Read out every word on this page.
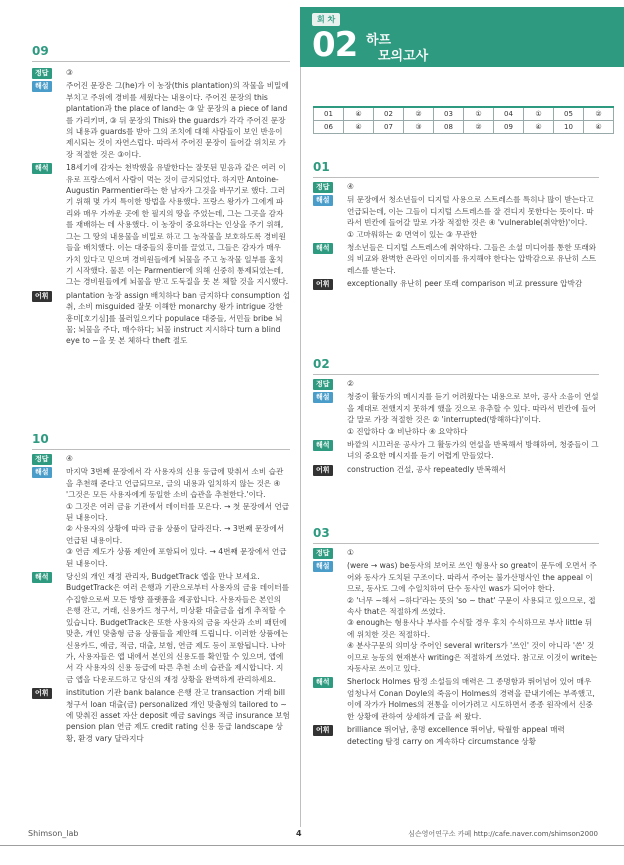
회 차
02 하프
모의고사
01	④	02	②	03	①	04	①	05	②
06	④	07	③	08	②	09	④	10	④
09
정답	③
해설	주어진 문장은 그(he)가 이 농장(this plantation)의 작물을 비밀에 부치고 주위에 경비를 세웠다는 내용이다. 주어진 문장의 this plantation과 the place of land는 ③ 앞 문장의 a piece of land를 가리키며, ③ 뒤 문장의 This와 the guards가 각각 주어진 문장의 내용과 guards를 받아 그의 조치에 대해 사람들이 보인 반응이 제시되는 것이 자연스럽다. 따라서 주어진 문장이 들어갈 위치로 가장 적절한 것은 ③이다.
해석	18세기에 감자는 천박했을 유발한다는 잘못된 믿음과 같은 여러 이유로 프랑스에서 사람이 먹는 것이 금지되었다. 하지만 Antoine-Augustin Parmentier라는 한 남자가 그것을 바꾸기로 했다. 그러기 위해 몇 가지 특이한 방법을 사용했다. 프랑스 왕가가 그에게 파리와 매우 가까운 곳에 한 필지의 땅을 주었는데, 그는 그곳을 감자를 재배하는 데 사용했다. 이 농장이 중요하다는 인상을 주기 위해, 그는 그 땅의 내용물을 비밀로 하고 그 농작물을 보호하도록 경비원들을 배치했다. 이는 대중들의 흥미를 끌었고, 그들은 감자가 매우 가치 있다고 믿으며 경비원들에게 뇌물을 주고 농작물 일부를 훔치기 시작했다. 물론 이는 Parmentier에 의해 신중히 통제되었는데, 그는 경비원들에게 뇌물을 받고 도둑질을 못 본 체할 것을 지시했다.
어휘	plantation 농장 assign 배치하다 ban 금지하다 consumption 섭취, 소비 misguided 잘못 이해한 monarchy 왕가 intrigue 강한 흥미[호기심]를 불러일으키다 populace 대중들, 서민들 bribe 뇌물; 뇌물을 주다, 매수하다; 뇌물 instruct 지시하다 turn a blind eye to ~을 못 본 체하다 theft 절도
10
정답	④
해설	마지막 3번째 문장에서 각 사용자의 신용 등급에 맞춰서 소비 습관을 추천해 준다고 언급되므로, 글의 내용과 일치하지 않는 것은 ④ '그것은 모든 사용자에게 동일한 소비 습관을 추천한다.'이다.
① 그것은 여러 금융 기관에서 데이터를 모은다. → 첫 문장에서 언급된 내용이다.
② 사용자의 상황에 따라 금융 상품이 달라진다. → 3번째 문장에서 언급된 내용이다.
③ 연금 제도가 상품 제안에 포함되어 있다. → 4번째 문장에서 언급된 내용이다.
해석	당신의 개인 재정 관리자, BudgetTrack 앱을 만나 보세요.
BudgetTrack은 여러 은행과 기관으로부터 사용자의 금융 데이터를 수집함으로써 모든 방향 플랫폼을 제공합니다. 사용자들은 본인의 은행 잔고, 거래, 신용카드 청구서, 미상환 대출금을 쉽게 추적할 수 있습니다. BudgetTrack은 또한 사용자의 금융 자산과 소비 패턴에 맞춘, 개인 맞춤형 금융 상품들을 제안해 드립니다. 이러한 상품에는 신용카드, 예금, 적금, 대출, 보험, 연금 제도 등이 포함됩니다. 나아가, 사용자들은 앱 내에서 본인의 신용도를 확인할 수 있으며, 앱에서 각 사용자의 신용 등급에 따른 추천 소비 습관을 제시합니다. 지금 앱을 다운로드하고 당신의 재정 상황을 완벽하게 관리하세요.
어휘	institution 기관 bank balance 은행 잔고 transaction 거래 bill 청구서 loan 대출(금) personalized 개인 맞춤형의 tailored to ~에 맞춰진 asset 자산 deposit 예금 savings 적금 insurance 보험 pension plan 연금 제도 credit rating 신용 등급 landscape 상황, 환경 vary 달라지다
01
정답	④
해설	뒤 문장에서 청소년들이 디지털 사용으로 스트레스를 특히나 많이 받는다고 언급되는데, 이는 그들이 디지털 스트레스를 잘 견디지 못한다는 뜻이다. 따라서 빈칸에 들어갈 말로 가장 적절한 것은 ④ 'vulnerable(취약한)'이다.
① 고마워하는 ② 면역이 있는 ③ 무관한
해석	청소년들은 디지털 스트레스에 취약하다. 그들은 소셜 미디어를 통한 또래와의 비교와 완벽한 온라인 이미지를 유지해야 한다는 압박감으로 유난히 스트레스를 받는다.
어휘	exceptionally 유난히 peer 또래 comparison 비교 pressure 압박감
02
정답	②
해설	청중이 활동가의 메시지를 듣기 어려웠다는 내용으로 보아, 공사 소음이 연설을 제대로 전했지지 못하게 했을 것으로 유추할 수 있다. 따라서 빈칸에 들어갈 말로 가장 적절한 것은 ② 'interrupted(방해하다)'이다.
① 진압하다 ③ 비난하다 ④ 요약하다
해석	바깥의 시끄러운 공사가 그 활동가의 연설을 반복해서 방해하여, 청중들이 그녀의 중요한 메시지를 듣기 어렵게 만들었다.
어휘	construction 건설, 공사 repeatedly 반복해서
03
정답	①
해설	(were → was) be동사의 보어로 쓰인 형용사 so great이 문두에 오면서 주어와 동사가 도치된 구조이다. 따라서 주어는 불가산명사인 the appeal 이므로, 동사도 그에 수일치하여 단수 동사인 was가 되어야 한다.
② '너무 ~해서 ~하다'라는 뜻의 'so ~ that' 구문이 사용되고 있으므로, 접속사 that은 적절하게 쓰였다.
③ enough는 형용사나 부사를 수식할 경우 후치 수식하므로 부사 little 뒤에 위치한 것은 적절하다.
④ 분사구문의 의미상 주어인 several writers가 '쓰인' 것이 아니라 '쓴' 것이므로 능동의 현재분사 writing은 적절하게 쓰였다. 참고로 이것이 write는 자동사로 쓰이고 있다.
해석	Sherlock Holmes 탐정 소설들의 매력은 그 종명함과 뛰어넘어 있어 매우 엄청나서 Conan Doyle의 죽음이 Holmes의 경력을 끝내기에는 부족했고, 이에 작가가 Holmes의 전통을 이어가려고 시도하면서 종종 원작에서 신중한 상황에 관하여 상세하게 글을 써 왔다.
어휘	brilliance 뛰어남, 총명 excellence 뛰어남, 탁월함 appeal 매력 detecting 탐정 carry on 계속하다 circumstance 상황
Shimson_lab	4	심슨영어연구소 카페 http://cafe.naver.com/shimson2000
